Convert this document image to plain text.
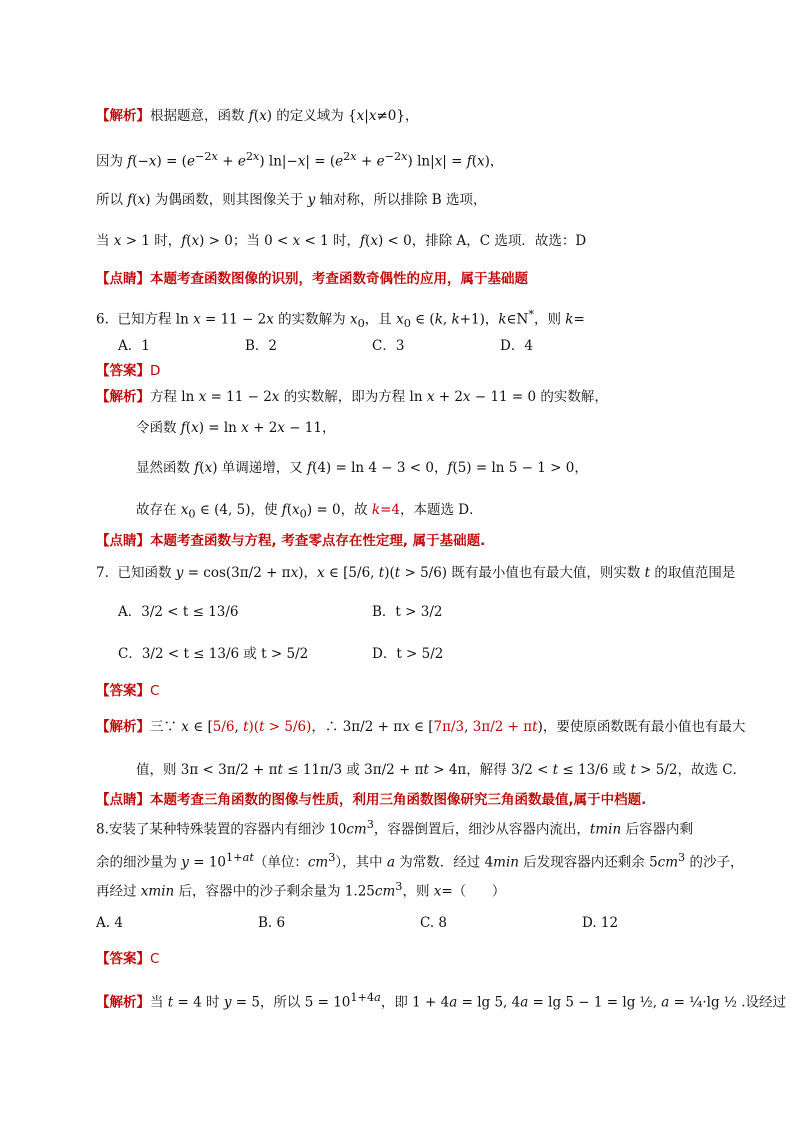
【解析】根据题意，函数 f(x) 的定义域为 {x|x≠0}，
因为 $f(-x) = (e^{-2x} + e^{2x}) \ln|-x| = (e^{2x} + e^{-2x}) \ln|x| = f(x)$，
所以 f(x) 为偶函数，则其图像关于 y 轴对称，所以排除 B 选项，
当 x > 1 时，f(x) > 0；当 0 < x < 1 时，f(x) < 0，排除 A，C 选项．故选：D
【点睛】本题考查函数图像的识别，考查函数奇偶性的应用，属于基础题
6.  已知方程 ln x = 11 − 2x 的实数解为 $x_0$，且 $x_0$ ∈ (k, k+1)，k∈N*，则 k=
A．1	B．2	C．3	D．4
【答案】D
【解析】方程 ln x = 11 − 2x 的实数解，即为方程 ln x + 2x − 11 = 0 的实数解，
令函数 f(x) = ln x + 2x − 11，
显然函数 f(x) 单调递增，又 f(4) = ln 4 − 3 < 0，f(5) = ln 5 − 1 > 0，
故存在 $x_0$ ∈ (4, 5)，使 $f(x_0) = 0$，故 k=4，本题选 D．
【点睛】本题考查函数与方程, 考查零点存在性定理, 属于基础题.
7.  已知函数 y = cos(3π/2 + πx)，x ∈ [5/6, t)(t > 5/6) 既有最小值也有最大值，则实数 t 的取值范围是
A．3/2 < t ≤ 13/6	B．t > 3/2
C．3/2 < t ≤ 13/6 或 t > 5/2	D．t > 5/2
【答案】C
【解析】三∵ x ∈ [5/6, t)(t > 5/6)，∴ 3π/2 + πx ∈ [7π/3, 3π/2 + πt)，要使原函数既有最小值也有最大
值，则 3π < 3π/2 + πt ≤ 11π/3 或 3π/2 + πt > 4π，解得 3/2 < t ≤ 13/6 或 t > 5/2，故选 C．
【点睛】本题考查三角函数的图像与性质，利用三角函数图像研究三角函数最值,属于中档题.
8.安装了某种特殊装置的容器内有细沙 $10cm^3$，容器倒置后，细沙从容器内流出，tmin 后容器内剩
余的细沙量为 $y = 10^{1+at}$（单位：$cm^3$），其中 a 为常数．经过 4min 后发现容器内还剩余 $5cm^3$ 的沙子，
再经过 xmin 后，容器中的沙子剩余量为 $1.25cm^3$，则 x=（      ）
A. 4	B. 6	C. 8	D. 12
【答案】C
【解析】当 t = 4 时 y = 5，所以 $5 = 10^{1+4a}$，即 1 + 4a = lg 5, 4a = lg 5 − 1 = lg ½, a = ¼·lg ½ .设经过
